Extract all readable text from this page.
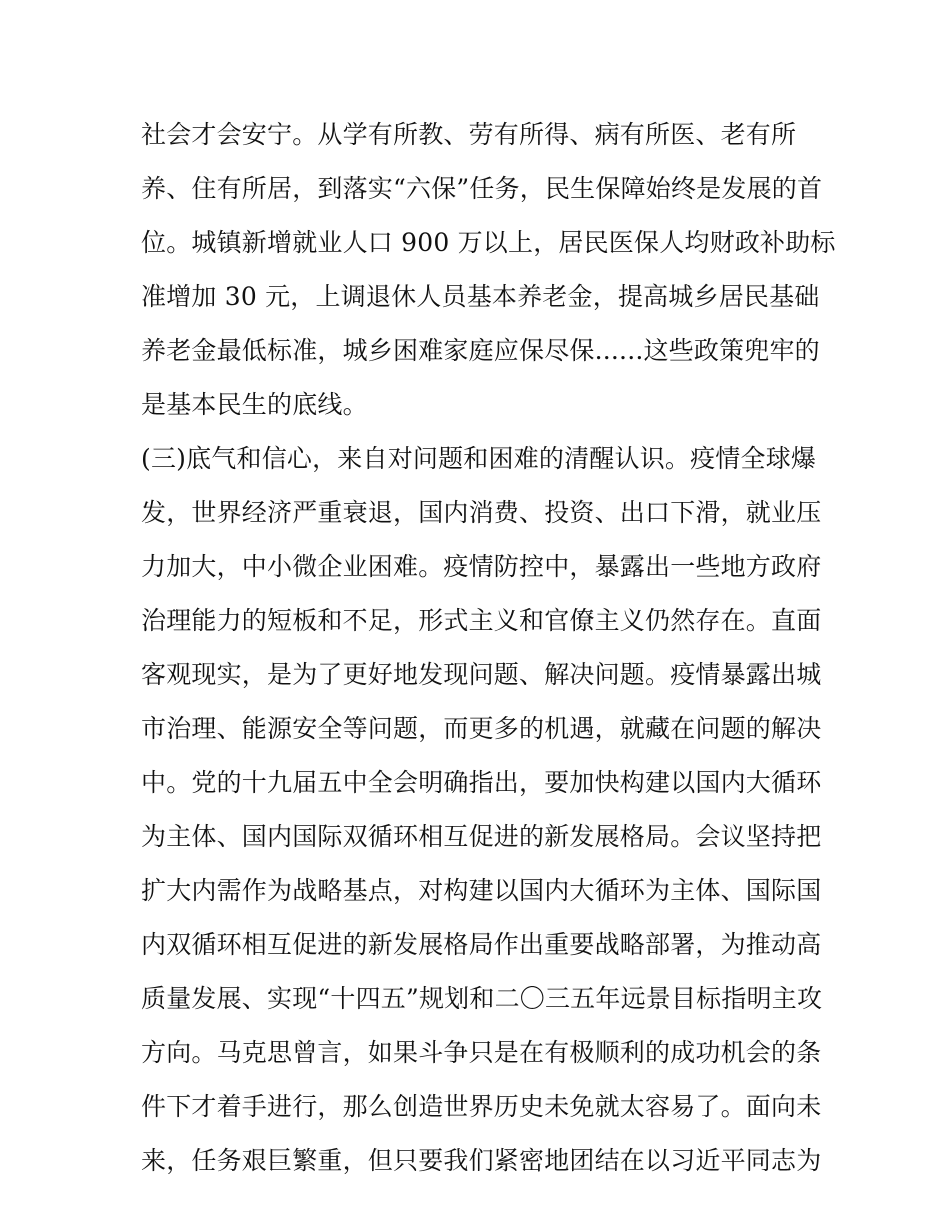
社会才会安宁。从学有所教、劳有所得、病有所医、老有所
养、住有所居，到落实“六保”任务，民生保障始终是发展的首
位。城镇新增就业人口 900 万以上，居民医保人均财政补助标
准增加 30 元，上调退休人员基本养老金，提高城乡居民基础
养老金最低标准，城乡困难家庭应保尽保......这些政策兜牢的
是基本民生的底线。
(三)底气和信心，来自对问题和困难的清醒认识。疫情全球爆
发，世界经济严重衰退，国内消费、投资、出口下滑，就业压
力加大，中小微企业困难。疫情防控中，暴露出一些地方政府
治理能力的短板和不足，形式主义和官僚主义仍然存在。直面
客观现实，是为了更好地发现问题、解决问题。疫情暴露出城
市治理、能源安全等问题，而更多的机遇，就藏在问题的解决
中。党的十九届五中全会明确指出，要加快构建以国内大循环
为主体、国内国际双循环相互促进的新发展格局。会议坚持把
扩大内需作为战略基点，对构建以国内大循环为主体、国际国
内双循环相互促进的新发展格局作出重要战略部署，为推动高
质量发展、实现“十四五”规划和二〇三五年远景目标指明主攻
方向。马克思曾言，如果斗争只是在有极顺利的成功机会的条
件下才着手进行，那么创造世界历史未免就太容易了。面向未
来，任务艰巨繁重，但只要我们紧密地团结在以习近平同志为
